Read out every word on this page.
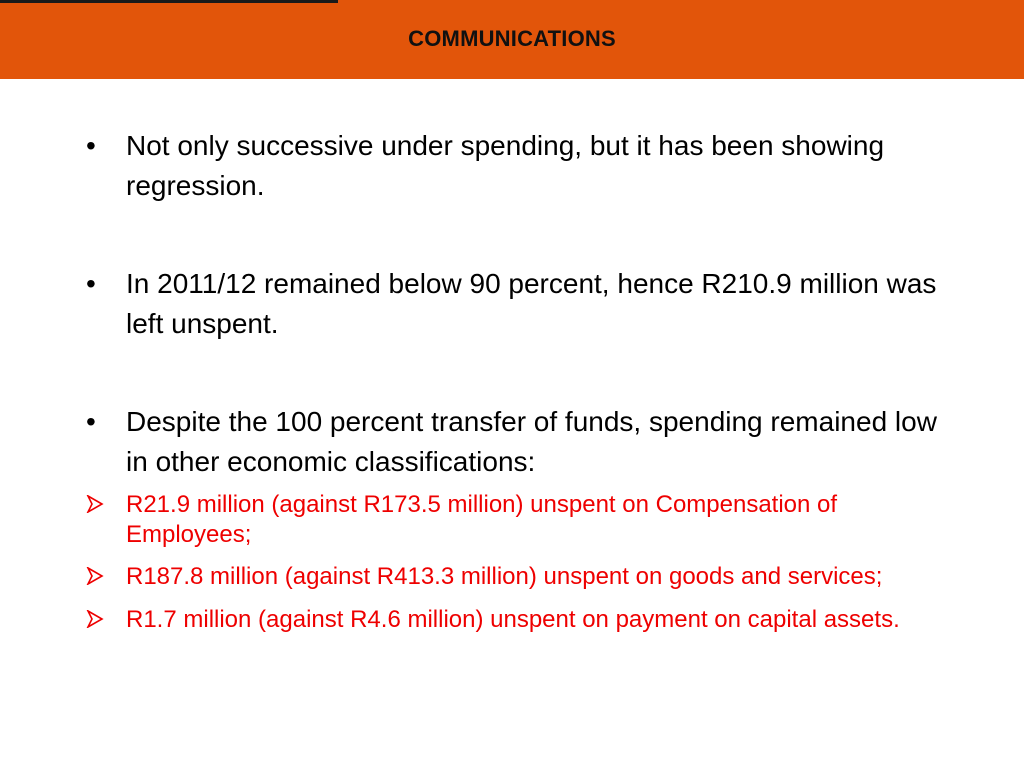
COMMUNICATIONS
•	Not only successive under spending, but it has been showing regression.
•	In 2011/12 remained below 90 percent, hence R210.9 million was left unspent.
•	Despite the 100 percent transfer of funds, spending remained low in other economic classifications:
R21.9 million (against R173.5 million) unspent on Compensation of Employees;
R187.8 million (against R413.3 million) unspent on goods and services;
R1.7 million (against R4.6 million) unspent on payment on capital assets.
